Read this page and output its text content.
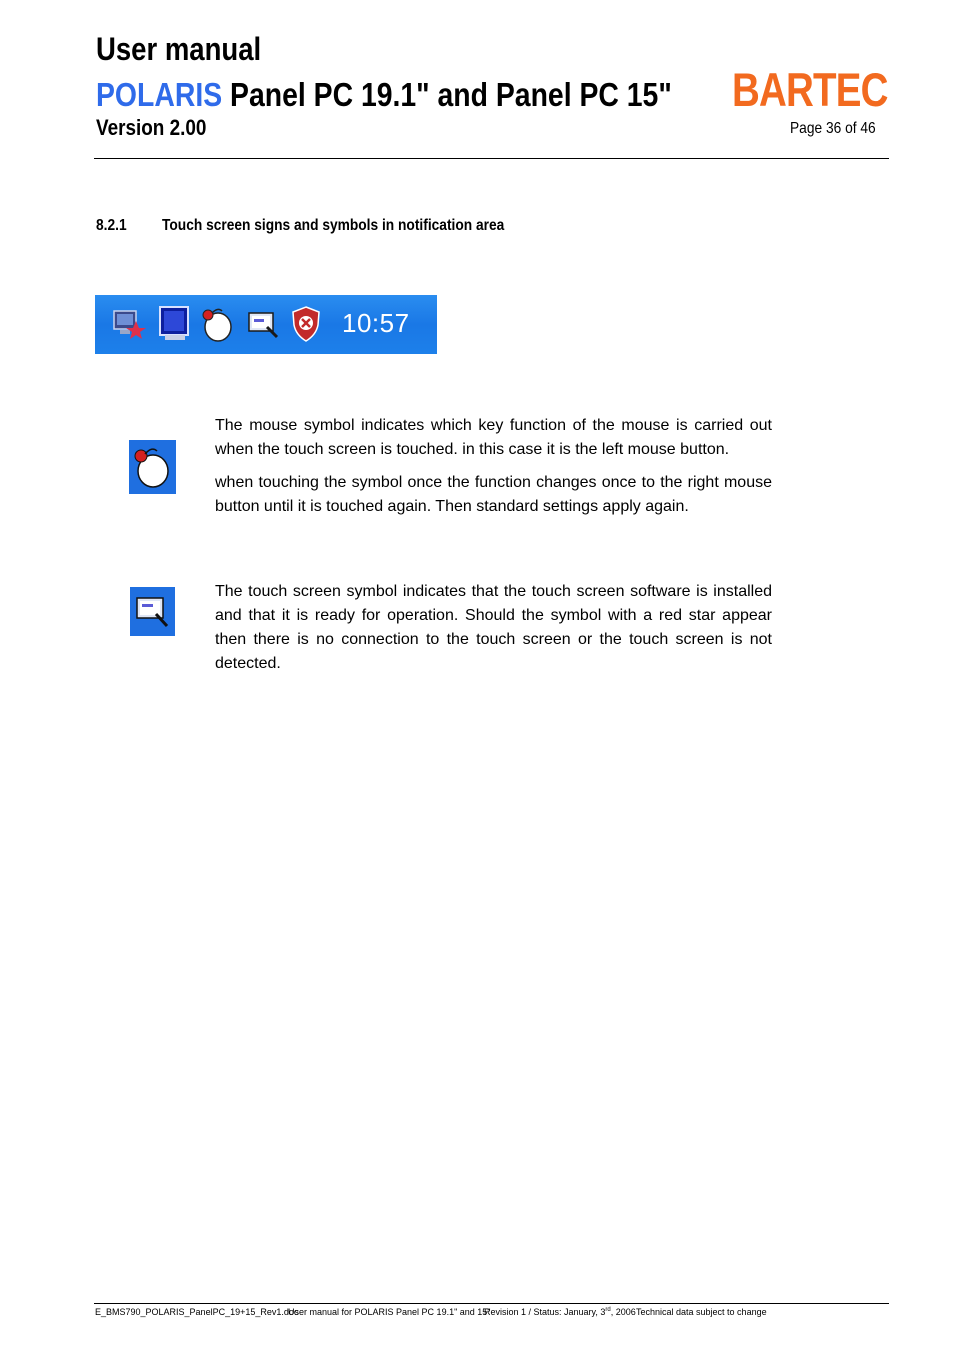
User manual
POLARIS Panel PC 19.1" and Panel PC 15"
Version 2.00
BARTEC
Page 36 of 46
8.2.1 Touch screen signs and symbols in notification area
10:57
The mouse symbol indicates which key function of the mouse is carried out when the touch screen is touched. in this case it is the left mouse button.
when touching the symbol once the function changes once to the right mouse button until it is touched again. Then standard settings apply again.
The touch screen symbol indicates that the touch screen software is installed and that it is ready for operation. Should the symbol with a red star appear then there is no connection to the touch screen or the touch screen is not detected.
E_BMS790_POLARIS_PanelPC_19+15_Rev1.doc
User manual for POLARIS Panel PC 19.1" and 15"
Revision 1 / Status: January, 3rd, 2006 Technical data subject to change
